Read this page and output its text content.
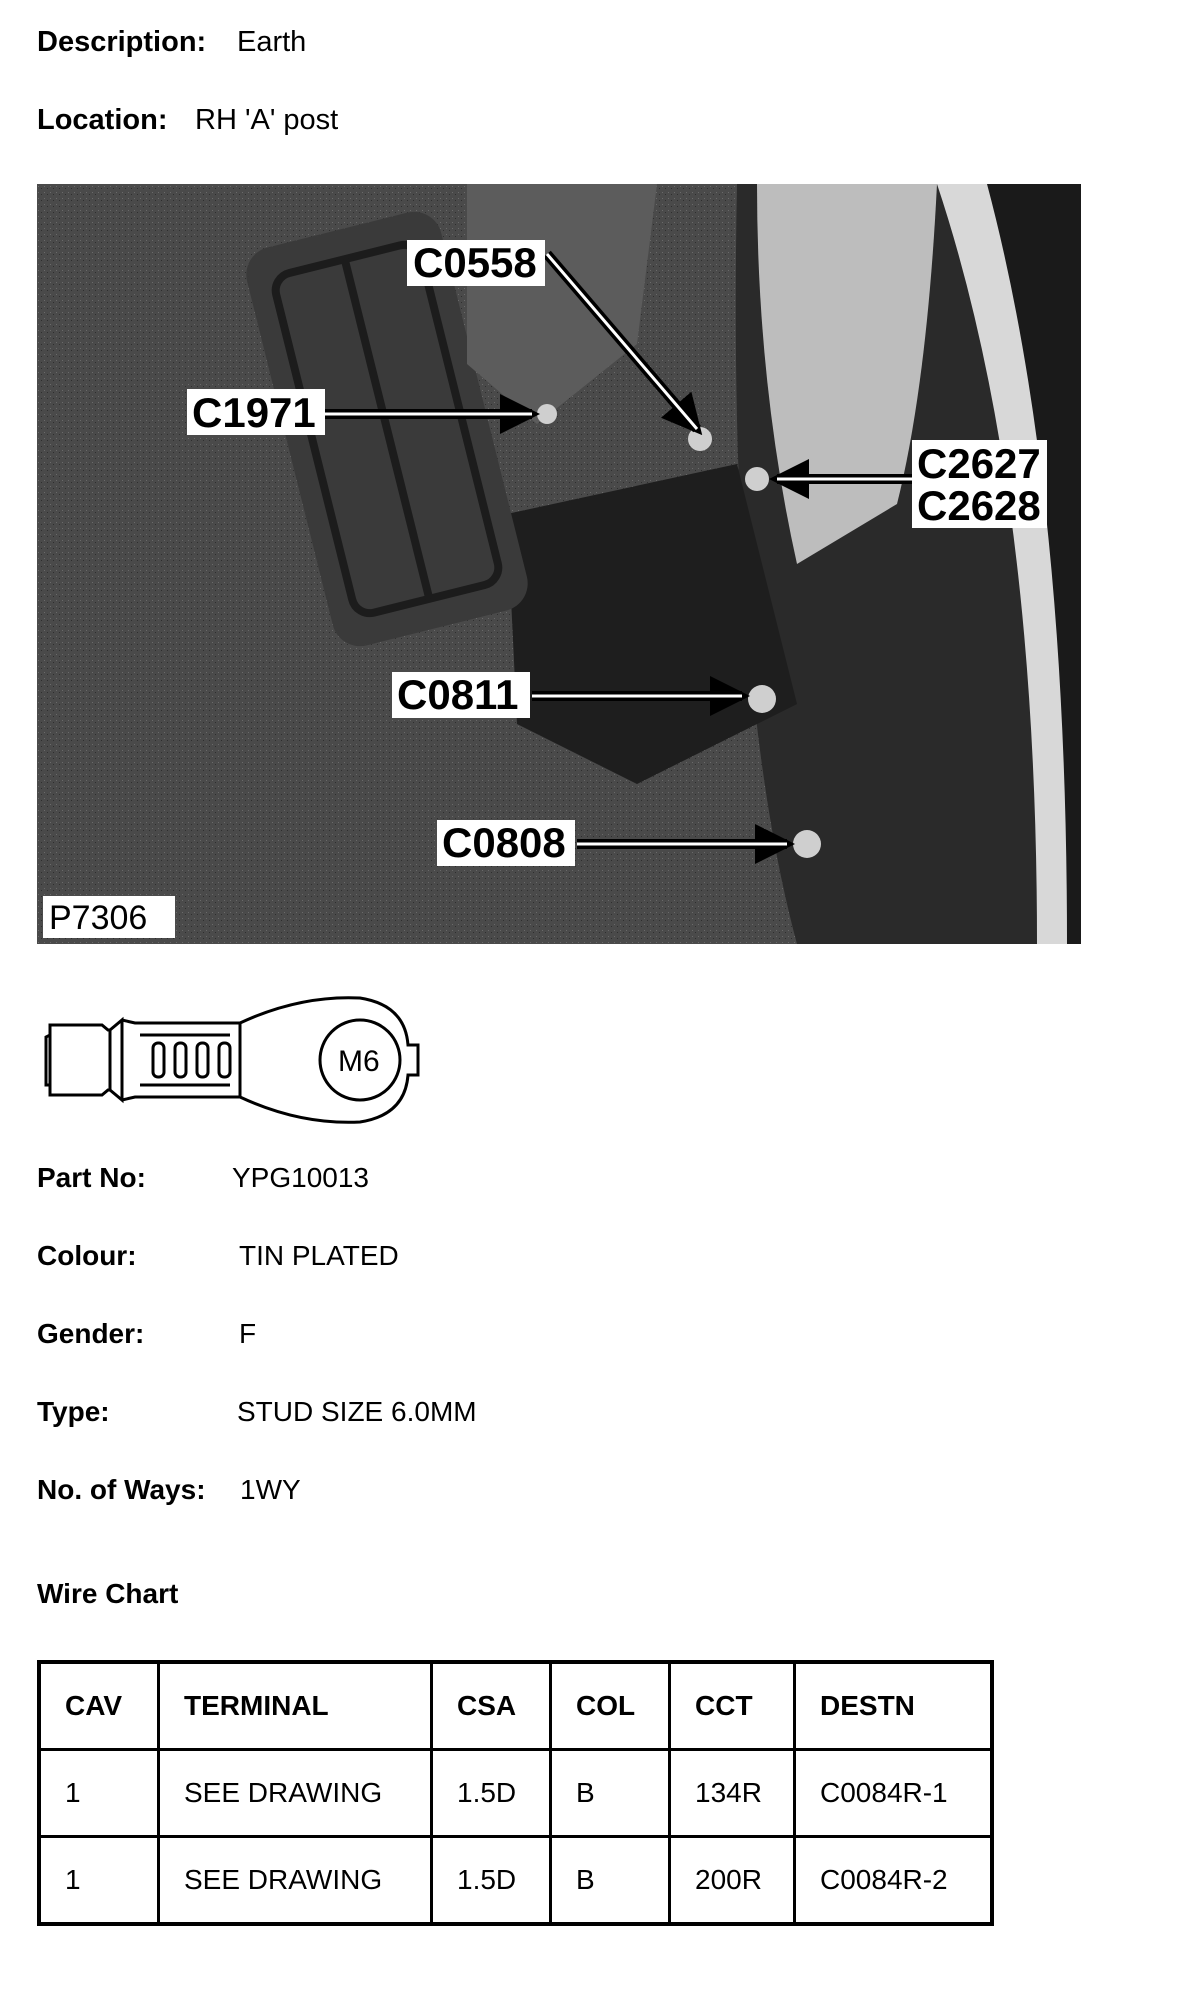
Description: Earth
Location: RH 'A' post
C0558
C1971
C2627
C2628
C0811
C0808
P7306
M6
Part No:	YPG10013
Colour:	TIN PLATED
Gender:	F
Type:	STUD SIZE 6.0MM
No. of Ways: 1WY
Wire Chart
CAV	TERMINAL	CSA	COL	CCT	DESTN
1	SEE DRAWING	1.5D	B	134R	C0084R-1
1	SEE DRAWING	1.5D	B	200R	C0084R-2
